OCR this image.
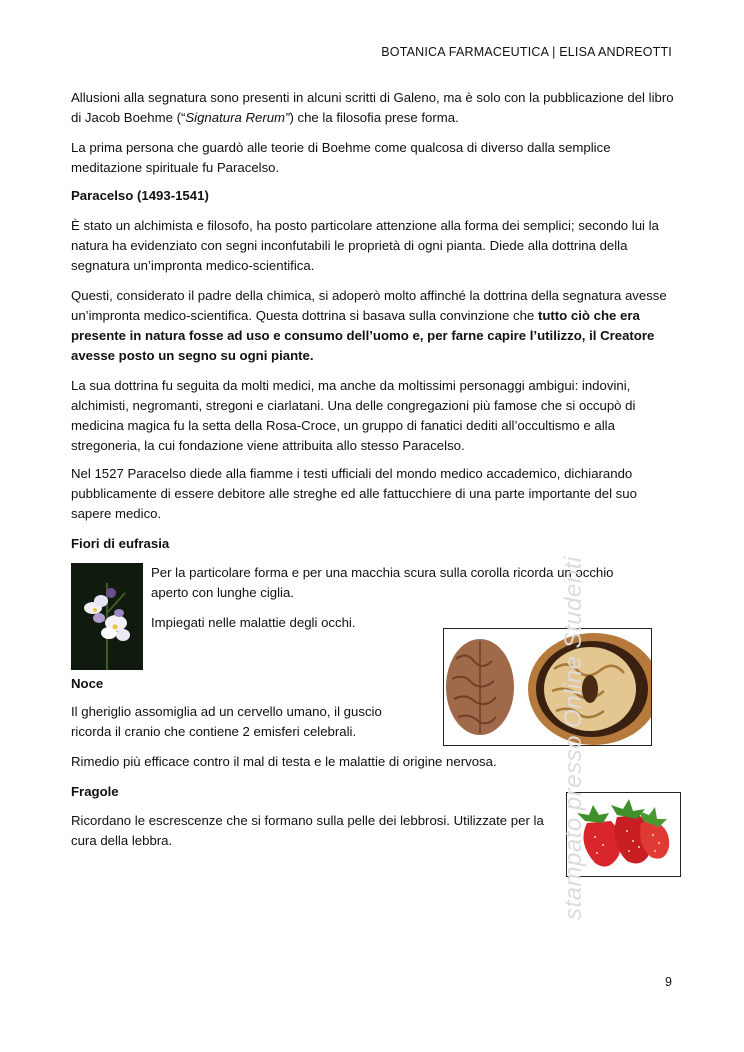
BOTANICA FARMACEUTICA | ELISA ANDREOTTI

Allusioni alla segnatura sono presenti in alcuni scritti di Galeno, ma è solo con la pubblicazione del libro di Jacob Boehme (“Signatura Rerum”) che la filosofia prese forma.

La prima persona che guardò alle teorie di Boehme come qualcosa di diverso dalla semplice meditazione spirituale fu Paracelso.

Paracelso (1493-1541)

È stato un alchimista e filosofo, ha posto particolare attenzione alla forma dei semplici; secondo lui la natura ha evidenziato con segni inconfutabili le proprietà di ogni pianta. Diede alla dottrina della segnatura un’impronta medico-scientifica.

Questi, considerato il padre della chimica, si adoperò molto affinché la dottrina della segnatura avesse un’impronta medico-scientifica. Questa dottrina si basava sulla convinzione che tutto ciò che era presente in natura fosse ad uso e consumo dell’uomo e, per farne capire l’utilizzo, il Creatore avesse posto un segno su ogni piante.

La sua dottrina fu seguita da molti medici, ma anche da moltissimi personaggi ambigui: indovini, alchimisti, negromanti, stregoni e ciarlatani. Una delle congregazioni più famose che si occupò di medicina magica fu la setta della Rosa-Croce, un gruppo di fanatici dediti all’occultismo e alla stregoneria, la cui fondazione viene attribuita allo stesso Paracelso.

Nel 1527 Paracelso diede alla fiamme i testi ufficiali del mondo medico accademico, dichiarando pubblicamente di essere debitore alle streghe ed alle fattucchiere di una parte importante del suo sapere medico.

Fiori di eufrasia

Per la particolare forma e per una macchia scura sulla corolla ricorda un occhio aperto con lunghe ciglia.

Impiegati nelle malattie degli occhi.

Noce

Il gheriglio assomiglia ad un cervello umano, il guscio ricorda il cranio che contiene 2 emisferi celebrali.

Rimedio più efficace contro il mal di testa e le malattie di origine nervosa.

Fragole

Ricordano le escrescenze che si formano sulla pelle dei lebbrosi. Utilizzate per la cura della lebbra.	stampato presso Online Studenti
9
